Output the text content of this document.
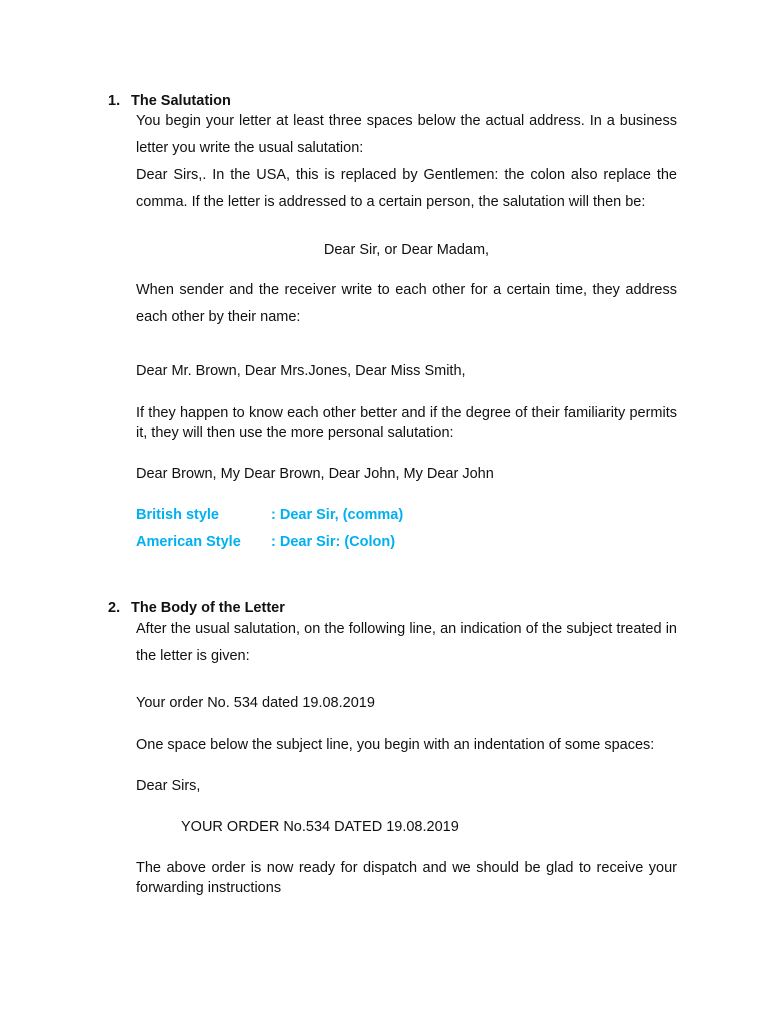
1. The Salutation
You begin your letter at least three spaces below the actual address. In a business letter you write the usual salutation:
Dear Sirs,. In the USA, this is replaced by Gentlemen: the colon also replace the comma. If the letter is addressed to a certain person, the salutation will then be:
Dear Sir, or Dear Madam,
When sender and the receiver write to each other for a certain time, they address each other by their name:
Dear Mr. Brown, Dear Mrs.Jones, Dear Miss Smith,
If they happen to know each other better and if the degree of their familiarity permits it, they will then use the more personal salutation:
Dear Brown, My Dear Brown, Dear John, My Dear John
British style	: Dear Sir, (comma)
American Style : Dear Sir: (Colon)
2. The Body of the Letter
After the usual salutation, on the following line, an indication of the subject treated in the letter is given:
Your order No. 534 dated 19.08.2019
One space below the subject line, you begin with an indentation of some spaces:
Dear Sirs,
YOUR ORDER No.534 DATED 19.08.2019
The above order is now ready for dispatch and we should be glad to receive your forwarding instructions
